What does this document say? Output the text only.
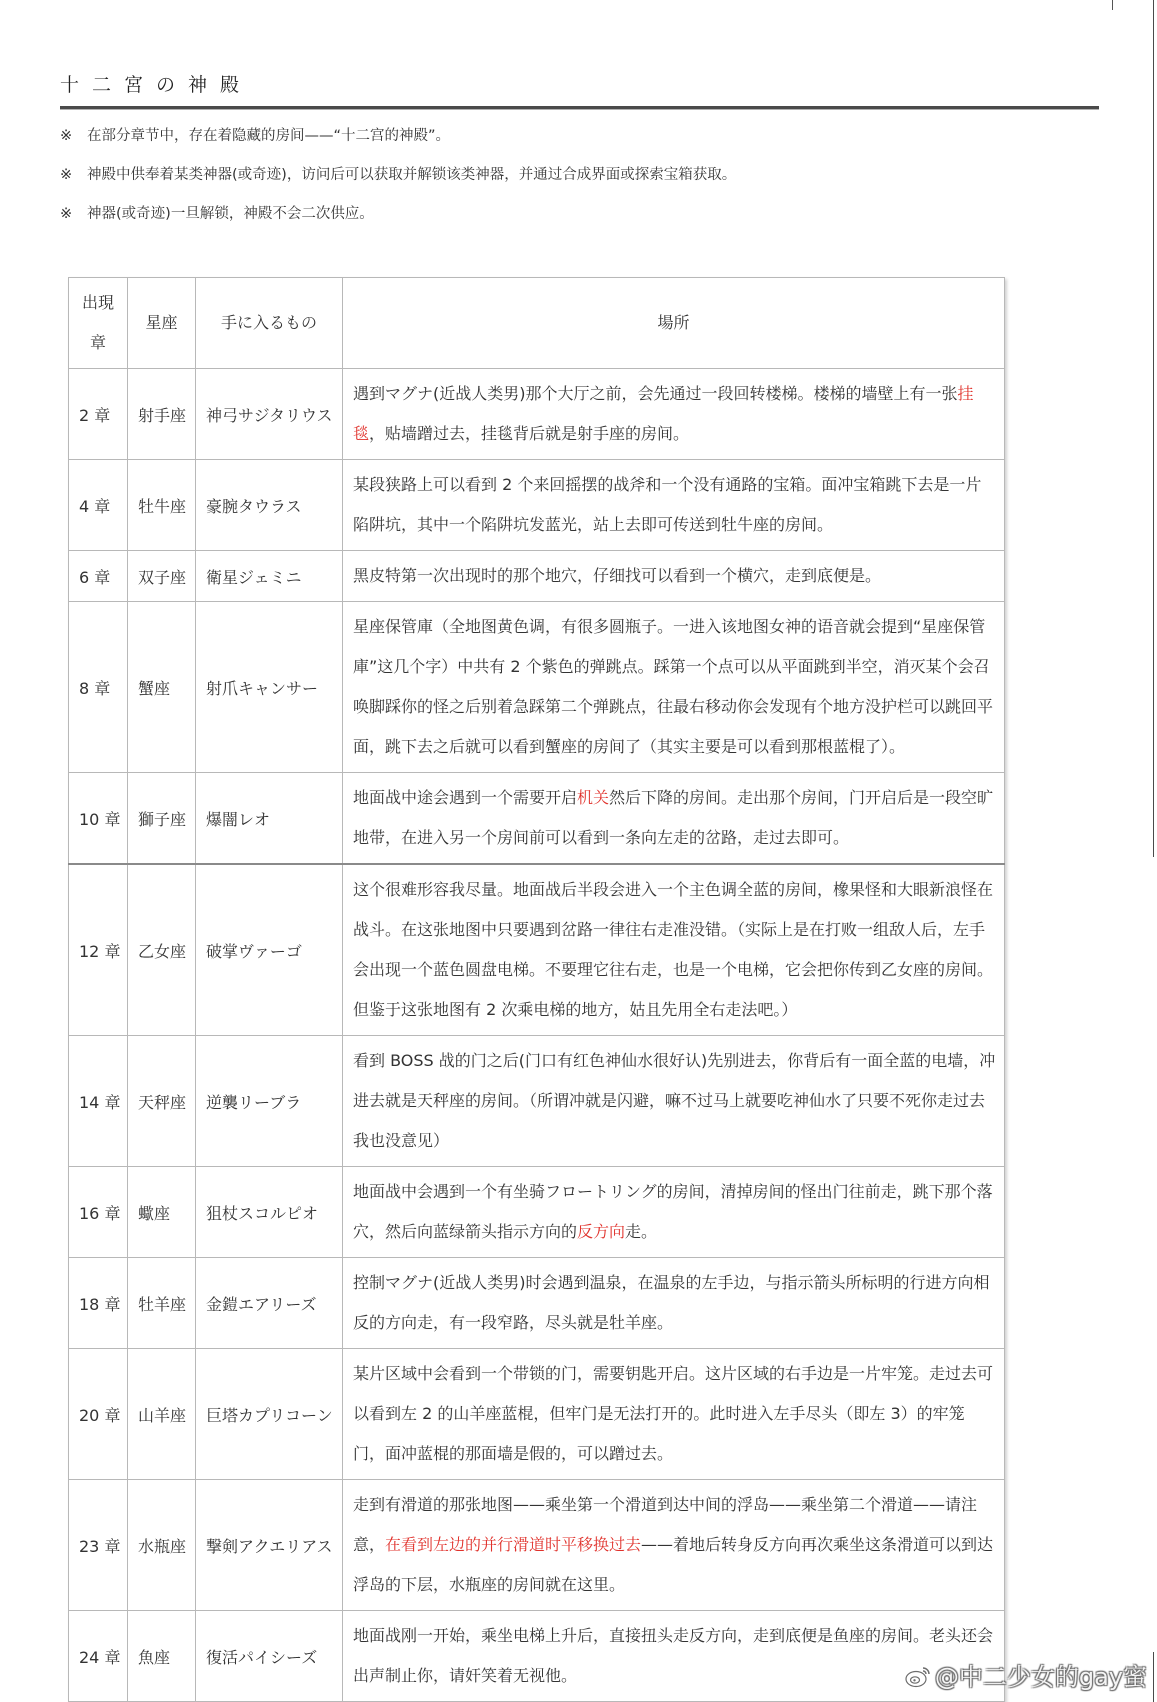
十二宮の神殿
※	在部分章节中，存在着隐藏的房间——“十二宫的神殿”。
※	神殿中供奉着某类神器(或奇迹)，访问后可以获取并解锁该类神器，并通过合成界面或探索宝箱获取。
※	神器(或奇迹)一旦解锁，神殿不会二次供应。
出現章	星座	手に入るもの	場所
2 章	射手座	神弓サジタリウス	遇到マグナ(近战人类男)那个大厅之前，会先通过一段回转楼梯。楼梯的墙壁上有一张挂毯，贴墙蹭过去，挂毯背后就是射手座的房间。
4 章	牡牛座	豪腕タウラス	某段狭路上可以看到 2 个来回摇摆的战斧和一个没有通路的宝箱。面冲宝箱跳下去是一片陷阱坑，其中一个陷阱坑发蓝光，站上去即可传送到牡牛座的房间。
6 章	双子座	衛星ジェミニ	黑皮特第一次出现时的那个地穴，仔细找可以看到一个横穴，走到底便是。
8 章	蟹座	射爪キャンサー	星座保管庫（全地图黄色调，有很多圆瓶子。一进入该地图女神的语音就会提到“星座保管庫”这几个字）中共有 2 个紫色的弹跳点。踩第一个点可以从平面跳到半空，消灭某个会召唤脚踩你的怪之后别着急踩第二个弹跳点，往最右移动你会发现有个地方没护栏可以跳回平面，跳下去之后就可以看到蟹座的房间了（其实主要是可以看到那根蓝棍了）。
10 章	獅子座	爆闇レオ	地面战中途会遇到一个需要开启机关然后下降的房间。走出那个房间，门开启后是一段空旷地带，在进入另一个房间前可以看到一条向左走的岔路，走过去即可。
12 章	乙女座	破掌ヴァーゴ	这个很难形容我尽量。地面战后半段会进入一个主色调全蓝的房间，橡果怪和大眼新浪怪在战斗。在这张地图中只要遇到岔路一律往右走准没错。（实际上是在打败一组敌人后，左手会出现一个蓝色圆盘电梯。不要理它往右走，也是一个电梯，它会把你传到乙女座的房间。但鉴于这张地图有 2 次乘电梯的地方，姑且先用全右走法吧。）
14 章	天秤座	逆襲リーブラ	看到 BOSS 战的门之后(门口有红色神仙水很好认)先别进去，你背后有一面全蓝的电墙，冲进去就是天秤座的房间。（所谓冲就是闪避，嘛不过马上就要吃神仙水了只要不死你走过去我也没意见）
16 章	蠍座	狙杖スコルピオ	地面战中会遇到一个有坐骑フロートリング的房间，清掉房间的怪出门往前走，跳下那个落穴，然后向蓝绿箭头指示方向的反方向走。
18 章	牡羊座	金鎧エアリーズ	控制マグナ(近战人类男)时会遇到温泉，在温泉的左手边，与指示箭头所标明的行进方向相反的方向走，有一段窄路，尽头就是牡羊座。
20 章	山羊座	巨塔カプリコーン	某片区域中会看到一个带锁的门，需要钥匙开启。这片区域的右手边是一片牢笼。走过去可以看到左 2 的山羊座蓝棍，但牢门是无法打开的。此时进入左手尽头（即左 3）的牢笼门，面冲蓝棍的那面墙是假的，可以蹭过去。
23 章	水瓶座	撃剣アクエリアス	走到有滑道的那张地图——乘坐第一个滑道到达中间的浮岛——乘坐第二个滑道——请注意，在看到左边的并行滑道时平移换过去——着地后转身反方向再次乘坐这条滑道可以到达浮岛的下层，水瓶座的房间就在这里。
24 章	魚座	復活パイシーズ	地面战刚一开始，乘坐电梯上升后，直接扭头走反方向，走到底便是鱼座的房间。老头还会出声制止你，请奸笑着无视他。	@中二少女的gay蜜
